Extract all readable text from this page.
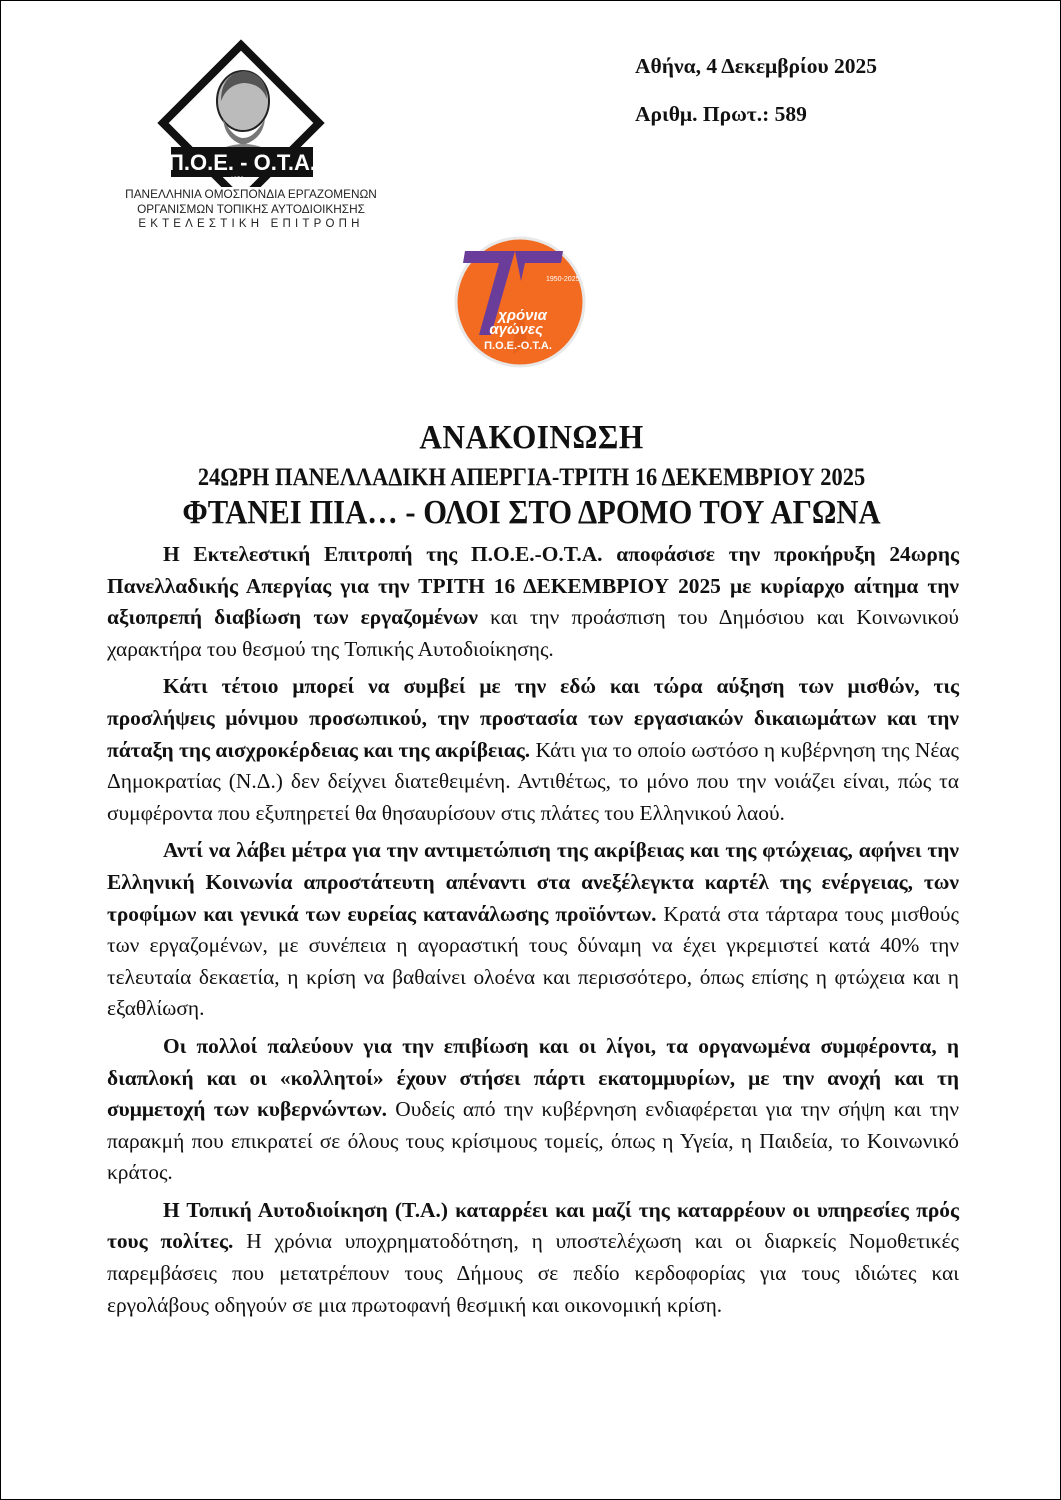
Π.Ο.Ε. - Ο.Τ.Α.
1950
ΠΑΝΕΛΛΗΝΙΑ ΟΜΟΣΠΟΝΔΙΑ ΕΡΓΑΖΟΜΕΝΩΝ
ΟΡΓΑΝΙΣΜΩΝ ΤΟΠΙΚΗΣ ΑΥΤΟΔΙΟΙΚΗΣΗΣ
ΕΚΤΕΛΕΣΤΙΚΗ ΕΠΙΤΡΟΠΗ
Αθήνα, 4 Δεκεμβρίου 2025
Αριθμ. Πρωτ.: 589
1950-2025
χρόνια
αγώνες
Π.Ο.Ε.-Ο.Τ.Α.
ΑΝΑΚΟΙΝΩΣΗ
24ΩΡΗ ΠΑΝΕΛΛΑΔΙΚΗ ΑΠΕΡΓΙΑ-ΤΡΙΤΗ 16 ΔΕΚΕΜΒΡΙΟΥ 2025
ΦΤΑΝΕΙ ΠΙΑ… - ΟΛΟΙ ΣΤΟ ΔΡΟΜΟ ΤΟΥ ΑΓΩΝΑ

Η Εκτελεστική Επιτροπή της Π.Ο.Ε.-Ο.Τ.Α. αποφάσισε την προκήρυξη 24ωρης Πανελλαδικής Απεργίας για την ΤΡΙΤΗ 16 ΔΕΚΕΜΒΡΙΟΥ 2025 με κυρίαρχο αίτημα την αξιοπρεπή διαβίωση των εργαζομένων και την προάσπιση του Δημόσιου και Κοινωνικού χαρακτήρα του θεσμού της Τοπικής Αυτοδιοίκησης.

Κάτι τέτοιο μπορεί να συμβεί με την εδώ και τώρα αύξηση των μισθών, τις προσλήψεις μόνιμου προσωπικού, την προστασία των εργασιακών δικαιωμάτων και την πάταξη της αισχροκέρδειας και της ακρίβειας. Κάτι για το οποίο ωστόσο η κυβέρνηση της Νέας Δημοκρατίας (Ν.Δ.) δεν δείχνει διατεθειμένη. Αντιθέτως, το μόνο που την νοιάζει είναι, πώς τα συμφέροντα που εξυπηρετεί θα θησαυρίσουν στις πλάτες του Ελληνικού λαού.

Αντί να λάβει μέτρα για την αντιμετώπιση της ακρίβειας και της φτώχειας, αφήνει την Ελληνική Κοινωνία απροστάτευτη απέναντι στα ανεξέλεγκτα καρτέλ της ενέργειας, των τροφίμων και γενικά των ευρείας κατανάλωσης προϊόντων. Κρατά στα τάρταρα τους μισθούς των εργαζομένων, με συνέπεια η αγοραστική τους δύναμη να έχει γκρεμιστεί κατά 40% την τελευταία δεκαετία, η κρίση να βαθαίνει ολοένα και περισσότερο, όπως επίσης η φτώχεια και η εξαθλίωση.

Οι πολλοί παλεύουν για την επιβίωση και οι λίγοι, τα οργανωμένα συμφέροντα, η διαπλοκή και οι «κολλητοί» έχουν στήσει πάρτι εκατομμυρίων, με την ανοχή και τη συμμετοχή των κυβερνώντων. Ουδείς από την κυβέρνηση ενδιαφέρεται για την σήψη και την παρακμή που επικρατεί σε όλους τους κρίσιμους τομείς, όπως η Υγεία, η Παιδεία, το Κοινωνικό κράτος.

Η Τοπική Αυτοδιοίκηση (Τ.Α.) καταρρέει και μαζί της καταρρέουν οι υπηρεσίες πρός τους πολίτες. Η χρόνια υποχρηματοδότηση, η υποστελέχωση και οι διαρκείς Νομοθετικές παρεμβάσεις που μετατρέπουν τους Δήμους σε πεδίο κερδοφορίας για τους ιδιώτες και εργολάβους οδηγούν σε μια πρωτοφανή θεσμική και οικονομική κρίση.
